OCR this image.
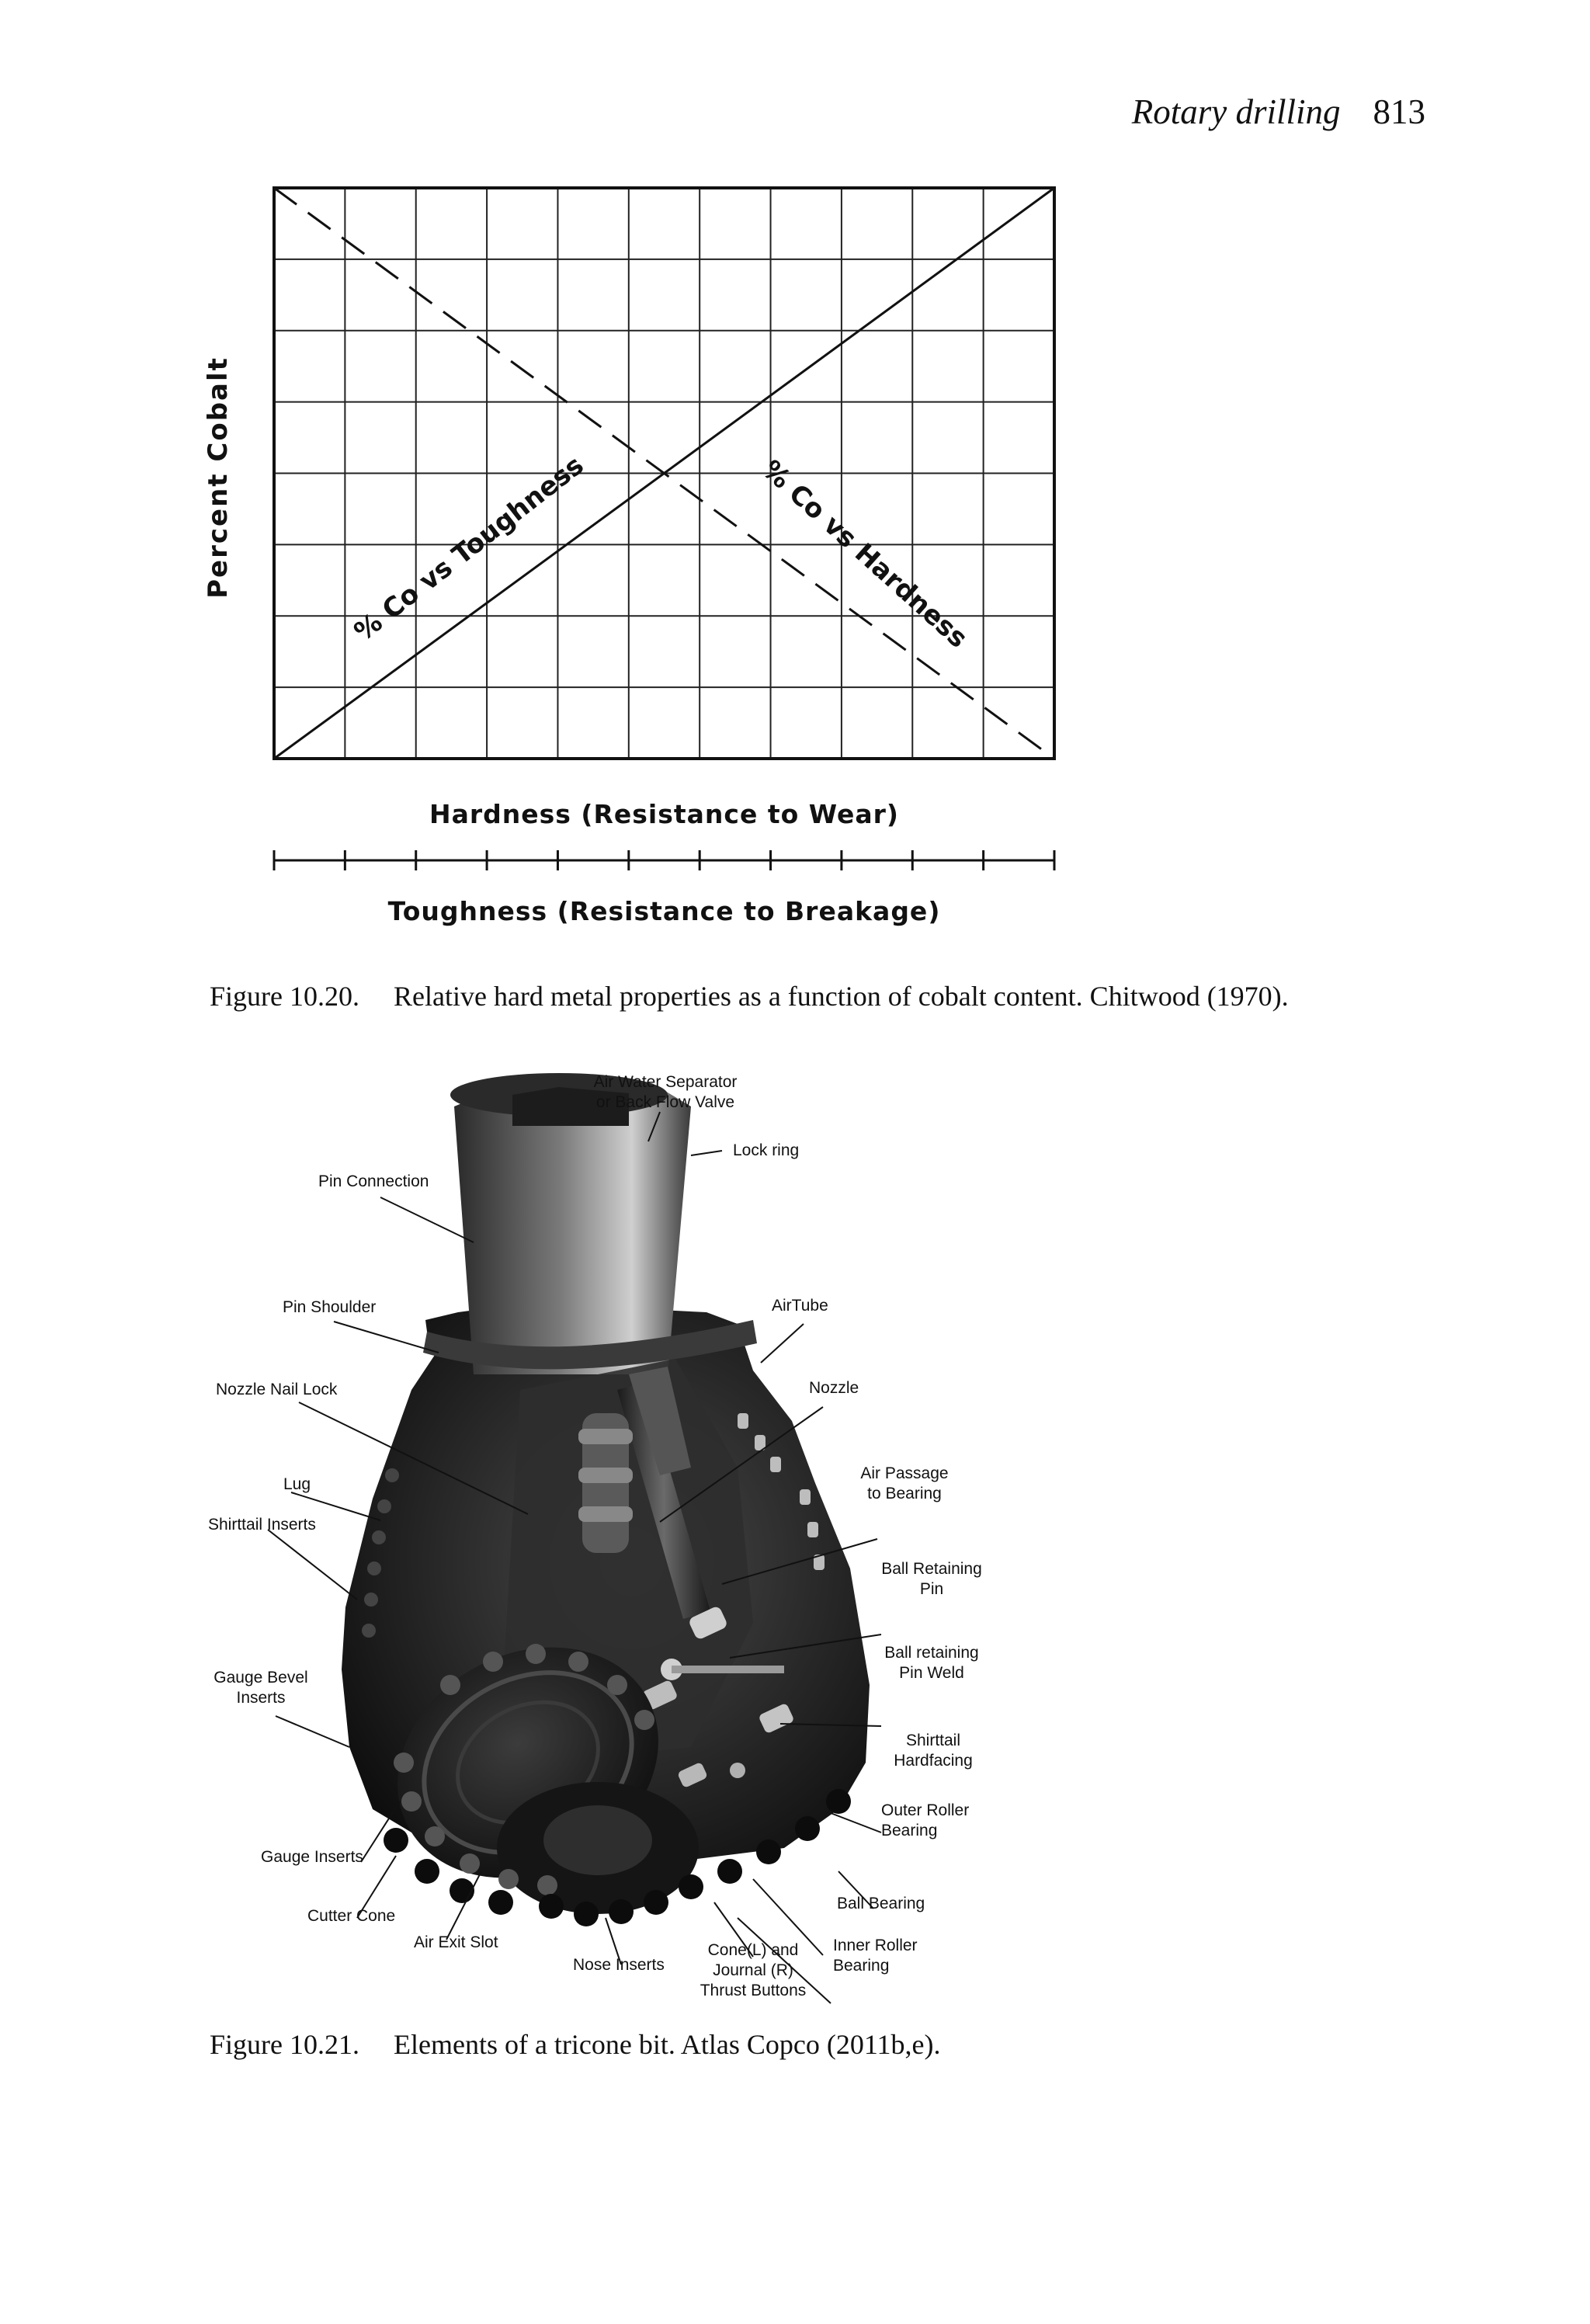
Rotary drilling 813
% Co vs Toughness	% Co vs Hardness
Percent Cobalt
Hardness (Resistance to Wear)
Toughness (Resistance to Breakage)
Figure 10.20. Relative hard metal properties as a function of cobalt content. Chitwood (1970).
Air Water Separator or Back Flow Valve
Lock ring
Pin Connection
Pin Shoulder	AirTube
Nozzle Nail Lock	Nozzle
Lug
Air Passage to Bearing
Shirttail Inserts
Ball Retaining Pin
Ball retaining Pin Weld
Gauge Bevel Inserts
Shirttail Hardfacing
Outer Roller Bearing
Gauge Inserts
Ball Bearing
Cutter Cone
Inner Roller Bearing
Air Exit Slot	Cone(L) and Journal (R) Thrust Buttons
Nose Inserts
Figure 10.21. Elements of a tricone bit. Atlas Copco (2011b,e).
